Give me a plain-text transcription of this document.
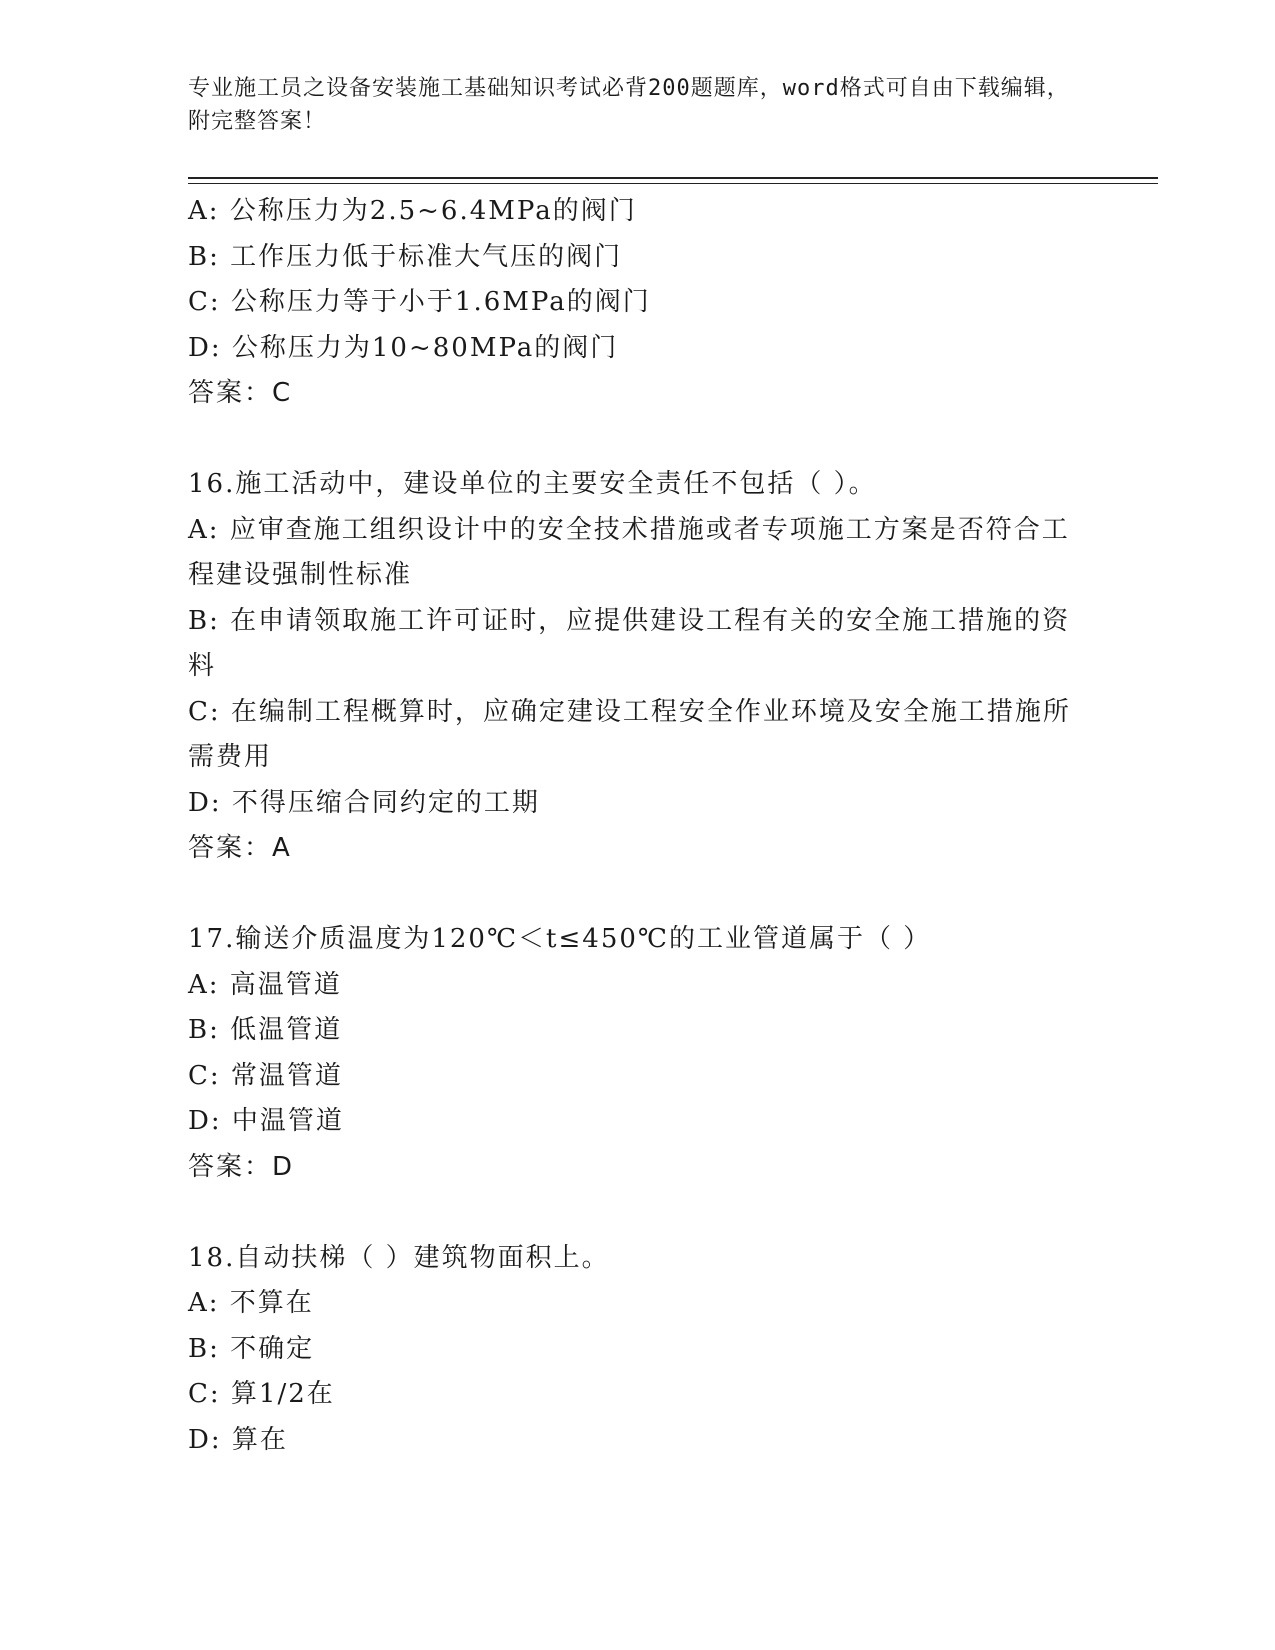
专业施工员之设备安装施工基础知识考试必背200题题库，word格式可自由下载编辑，附完整答案！
A: 公称压力为2.5~6.4MPa的阀门
B: 工作压力低于标准大气压的阀门
C: 公称压力等于小于1.6MPa的阀门
D: 公称压力为10~80MPa的阀门
答案：C
16.施工活动中，建设单位的主要安全责任不包括（ ）。
A: 应审查施工组织设计中的安全技术措施或者专项施工方案是否符合工程建设强制性标准
B: 在申请领取施工许可证时，应提供建设工程有关的安全施工措施的资料
C: 在编制工程概算时，应确定建设工程安全作业环境及安全施工措施所需费用
D: 不得压缩合同约定的工期
答案：A
17.输送介质温度为120℃＜t≤450℃的工业管道属于（ ）
A: 高温管道
B: 低温管道
C: 常温管道
D: 中温管道
答案：D
18.自动扶梯（ ）建筑物面积上。
A: 不算在
B: 不确定
C: 算1/2在
D: 算在
